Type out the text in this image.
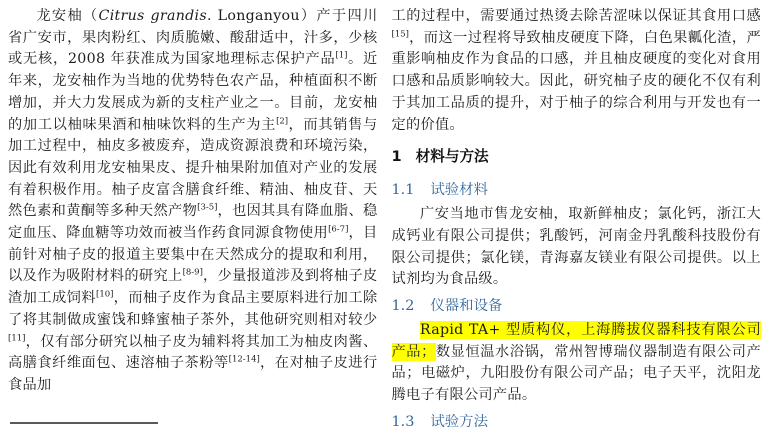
龙安柚（Citrus grandis. Longanyou）产于四川省广安市，果肉粉红、肉质脆嫩、酸甜适中，汁多，少核或无核，2008 年获准成为国家地理标志保护产品[1]。近年来，龙安柚作为当地的优势特色农产品，种植面积不断增加，并大力发展成为新的支柱产业之一。目前，龙安柚的加工以柚味果酒和柚味饮料的生产为主[2]，而其销售与加工过程中，柚皮多被废弃，造成资源浪费和环境污染，因此有效利用龙安柚果皮、提升柚果附加值对产业的发展有着积极作用。柚子皮富含膳食纤维、精油、柚皮苷、天然色素和黄酮等多种天然产物[3-5]，也因其具有降血脂、稳定血压、降血糖等功效而被当作药食同源食物使用[6-7]，目前针对柚子皮的报道主要集中在天然成分的提取和利用，以及作为吸附材料的研究上[8-9]，少量报道涉及到将柚子皮渣加工成饲料[10]，而柚子皮作为食品主要原料进行加工除了将其制做成蜜饯和蜂蜜柚子茶外，其他研究则相对较少[11]，仅有部分研究以柚子皮为辅料将其加工为柚皮肉酱、高膳食纤维面包、速溶柚子茶粉等[12-14]，在对柚子皮进行食品加

工的过程中，需要通过热烫去除苦涩味以保证其食用口感[15]，而这一过程将导致柚皮硬度下降，白色果瓤化渣，严重影响柚皮作为食品的口感，并且柚皮硬度的变化对食用口感和品质影响较大。因此，研究柚子皮的硬化不仅有利于其加工品质的提升，对于柚子的综合利用与开发也有一定的价值。

1 材料与方法
1.1 试验材料

广安当地市售龙安柚，取新鲜柚皮；氯化钙，浙江大成钙业有限公司提供；乳酸钙，河南金丹乳酸科技股份有限公司提供；氯化镁，青海嘉友镁业有限公司提供。以上试剂均为食品级。

1.2 仪器和设备

Rapid TA+ 型质构仪，上海腾拔仪器科技有限公司产品；数显恒温水浴锅，常州智博瑞仪器制造有限公司产品；电磁炉，九阳股份有限公司产品；电子天平，沈阳龙腾电子有限公司产品。

1.3 试验方法
